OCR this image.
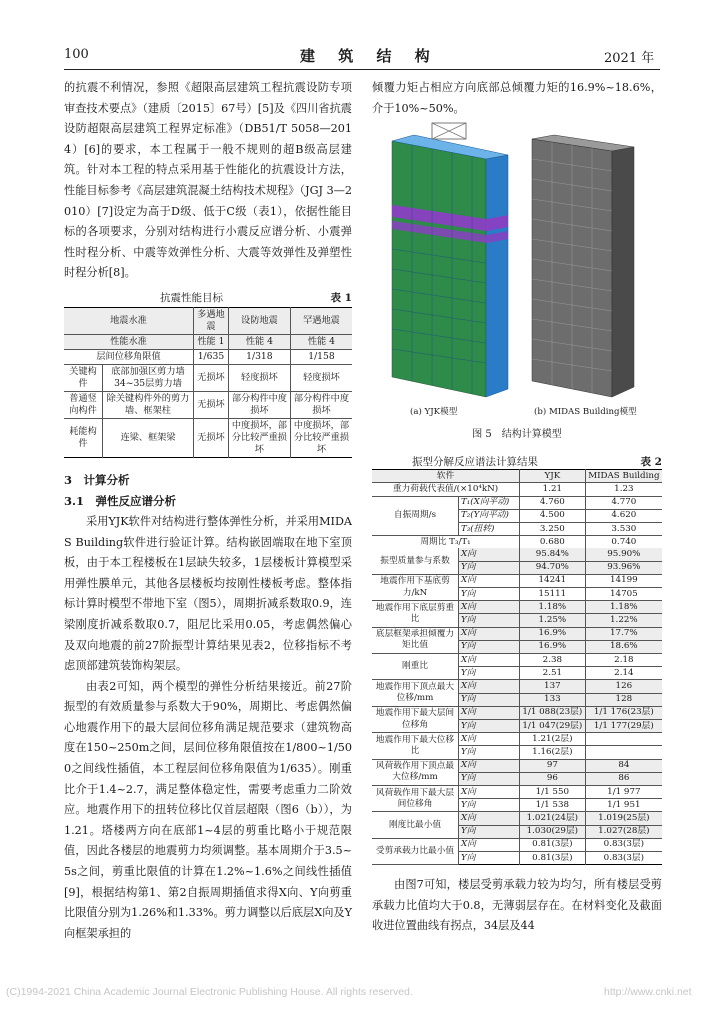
100	建 筑 结 构	2021 年

的抗震不利情况，参照《超限高层建筑工程抗震设防专项审查技术要点》（建质〔2015〕67号）[5]及《四川省抗震设防超限高层建筑工程界定标准》（DB51/T 5058—2014）[6]的要求，本工程属于一般不规则的超B级高层建筑。针对本工程的特点采用基于性能化的抗震设计方法，性能目标参考《高层建筑混凝土结构技术规程》（JGJ 3—2010）[7]设定为高于D级、低于C级（表1），依据性能目标的各项要求，分别对结构进行小震反应谱分析、小震弹性时程分析、中震等效弹性分析、大震等效弹性及弹塑性时程分析[8]。

抗震性能目标	表 1
地震水准		多遇地震	设防地震	罕遇地震
性能水准		性能 1	性能 4	性能 4
层间位移角限值		1/635	1/318	1/158
关键构件	底部加强区剪力墙 34~35层剪力墙	无损坏	轻度损坏	轻度损坏
普通竖向构件	除关键构件外的剪力墙、框架柱	无损坏	部分构件中度损坏	部分构件中度损坏
耗能构件	连梁、框架梁	无损坏	中度损坏，部分比较严重损坏	中度损坏，部分比较严重损坏

3　计算分析

3.1　弹性反应谱分析

采用YJK软件对结构进行整体弹性分析，并采用MIDAS Building软件进行验证计算。结构嵌固端取在地下室顶板，由于本工程楼板在1层缺失较多，1层楼板计算模型采用弹性膜单元，其他各层楼板均按刚性楼板考虑。整体指标计算时模型不带地下室（图5），周期折减系数取0.9，连梁刚度折减系数取0.7，阻尼比采用0.05，考虑偶然偏心及双向地震的前27阶振型计算结果见表2，位移指标不考虑顶部建筑装饰构架层。

由表2可知，两个模型的弹性分析结果接近。前27阶振型的有效质量参与系数大于90%，周期比、考虑偶然偏心地震作用下的最大层间位移角满足规范要求（建筑物高度在150~250m之间，层间位移角限值按在1/800~1/500之间线性插值，本工程层间位移角限值为1/635）。刚重比介于1.4~2.7，满足整体稳定性，需要考虑重力二阶效应。地震作用下的扭转位移比仅首层超限（图6（b）），为1.21。塔楼两方向在底部1~4层的剪重比略小于规范限值，因此各楼层的地震剪力均须调整。基本周期介于3.5~5s之间，剪重比限值的计算在1.2%~1.6%之间线性插值[9]，根据结构第1、第2自振周期插值求得X向、Y向剪重比限值分别为1.26%和1.33%。剪力调整以后底层X向及Y向框架承担的

倾覆力矩占相应方向底部总倾覆力矩的16.9%~18.6%，介于10%~50%。

(a) YJK模型	(b) MIDAS Building模型
图 5　结构计算模型
振型分解反应谱法计算结果	表 2
软件		YJK	MIDAS Building
重力荷载代表值/(×10⁴kN)		1.21	1.23
自振周期/s	T₁(X向平动)	4.760	4.770
	T₂(Y向平动)	4.500	4.620
	T₃(扭转)	3.250	3.530
周期比 T₃/T₁		0.680	0.740
振型质量参与系数	X向	95.84%	95.90%
	Y向	94.70%	93.96%
地震作用下基底剪力/kN	X向	14241	14199
	Y向	15111	14705
地震作用下底层剪重比	X向	1.18%	1.18%
	Y向	1.25%	1.22%
底层框架承担倾覆力矩比值	X向	16.9%	17.7%
	Y向	16.9%	18.6%
刚重比	X向	2.38	2.18
	Y向	2.51	2.14
地震作用下顶点最大位移/mm	X向	137	126
	Y向	133	128
地震作用下最大层间位移角	X向	1/1 088(23层)	1/1 176(23层)
	Y向	1/1 047(29层)	1/1 177(29层)
地震作用下最大位移比	X向	1.21(2层)	
	Y向	1.16(2层)	
风荷载作用下顶点最大位移/mm	X向	97	84
	Y向	96	86
风荷载作用下最大层间位移角	X向	1/1 550	1/1 977
	Y向	1/1 538	1/1 951
刚度比最小值	X向	1.021(24层)	1.019(25层)
	Y向	1.030(29层)	1.027(28层)
受剪承载力比最小值	X向	0.81(3层)	0.83(3层)
	Y向	0.81(3层)	0.83(3层)

由图7可知，楼层受剪承载力较为均匀，所有楼层受剪承载力比值均大于0.8，无薄弱层存在。在材料变化及截面收进位置曲线有拐点，34层及44

(C)1994-2021 China Academic Journal Electronic Publishing House. All rights reserved.	http://www.cnki.net
